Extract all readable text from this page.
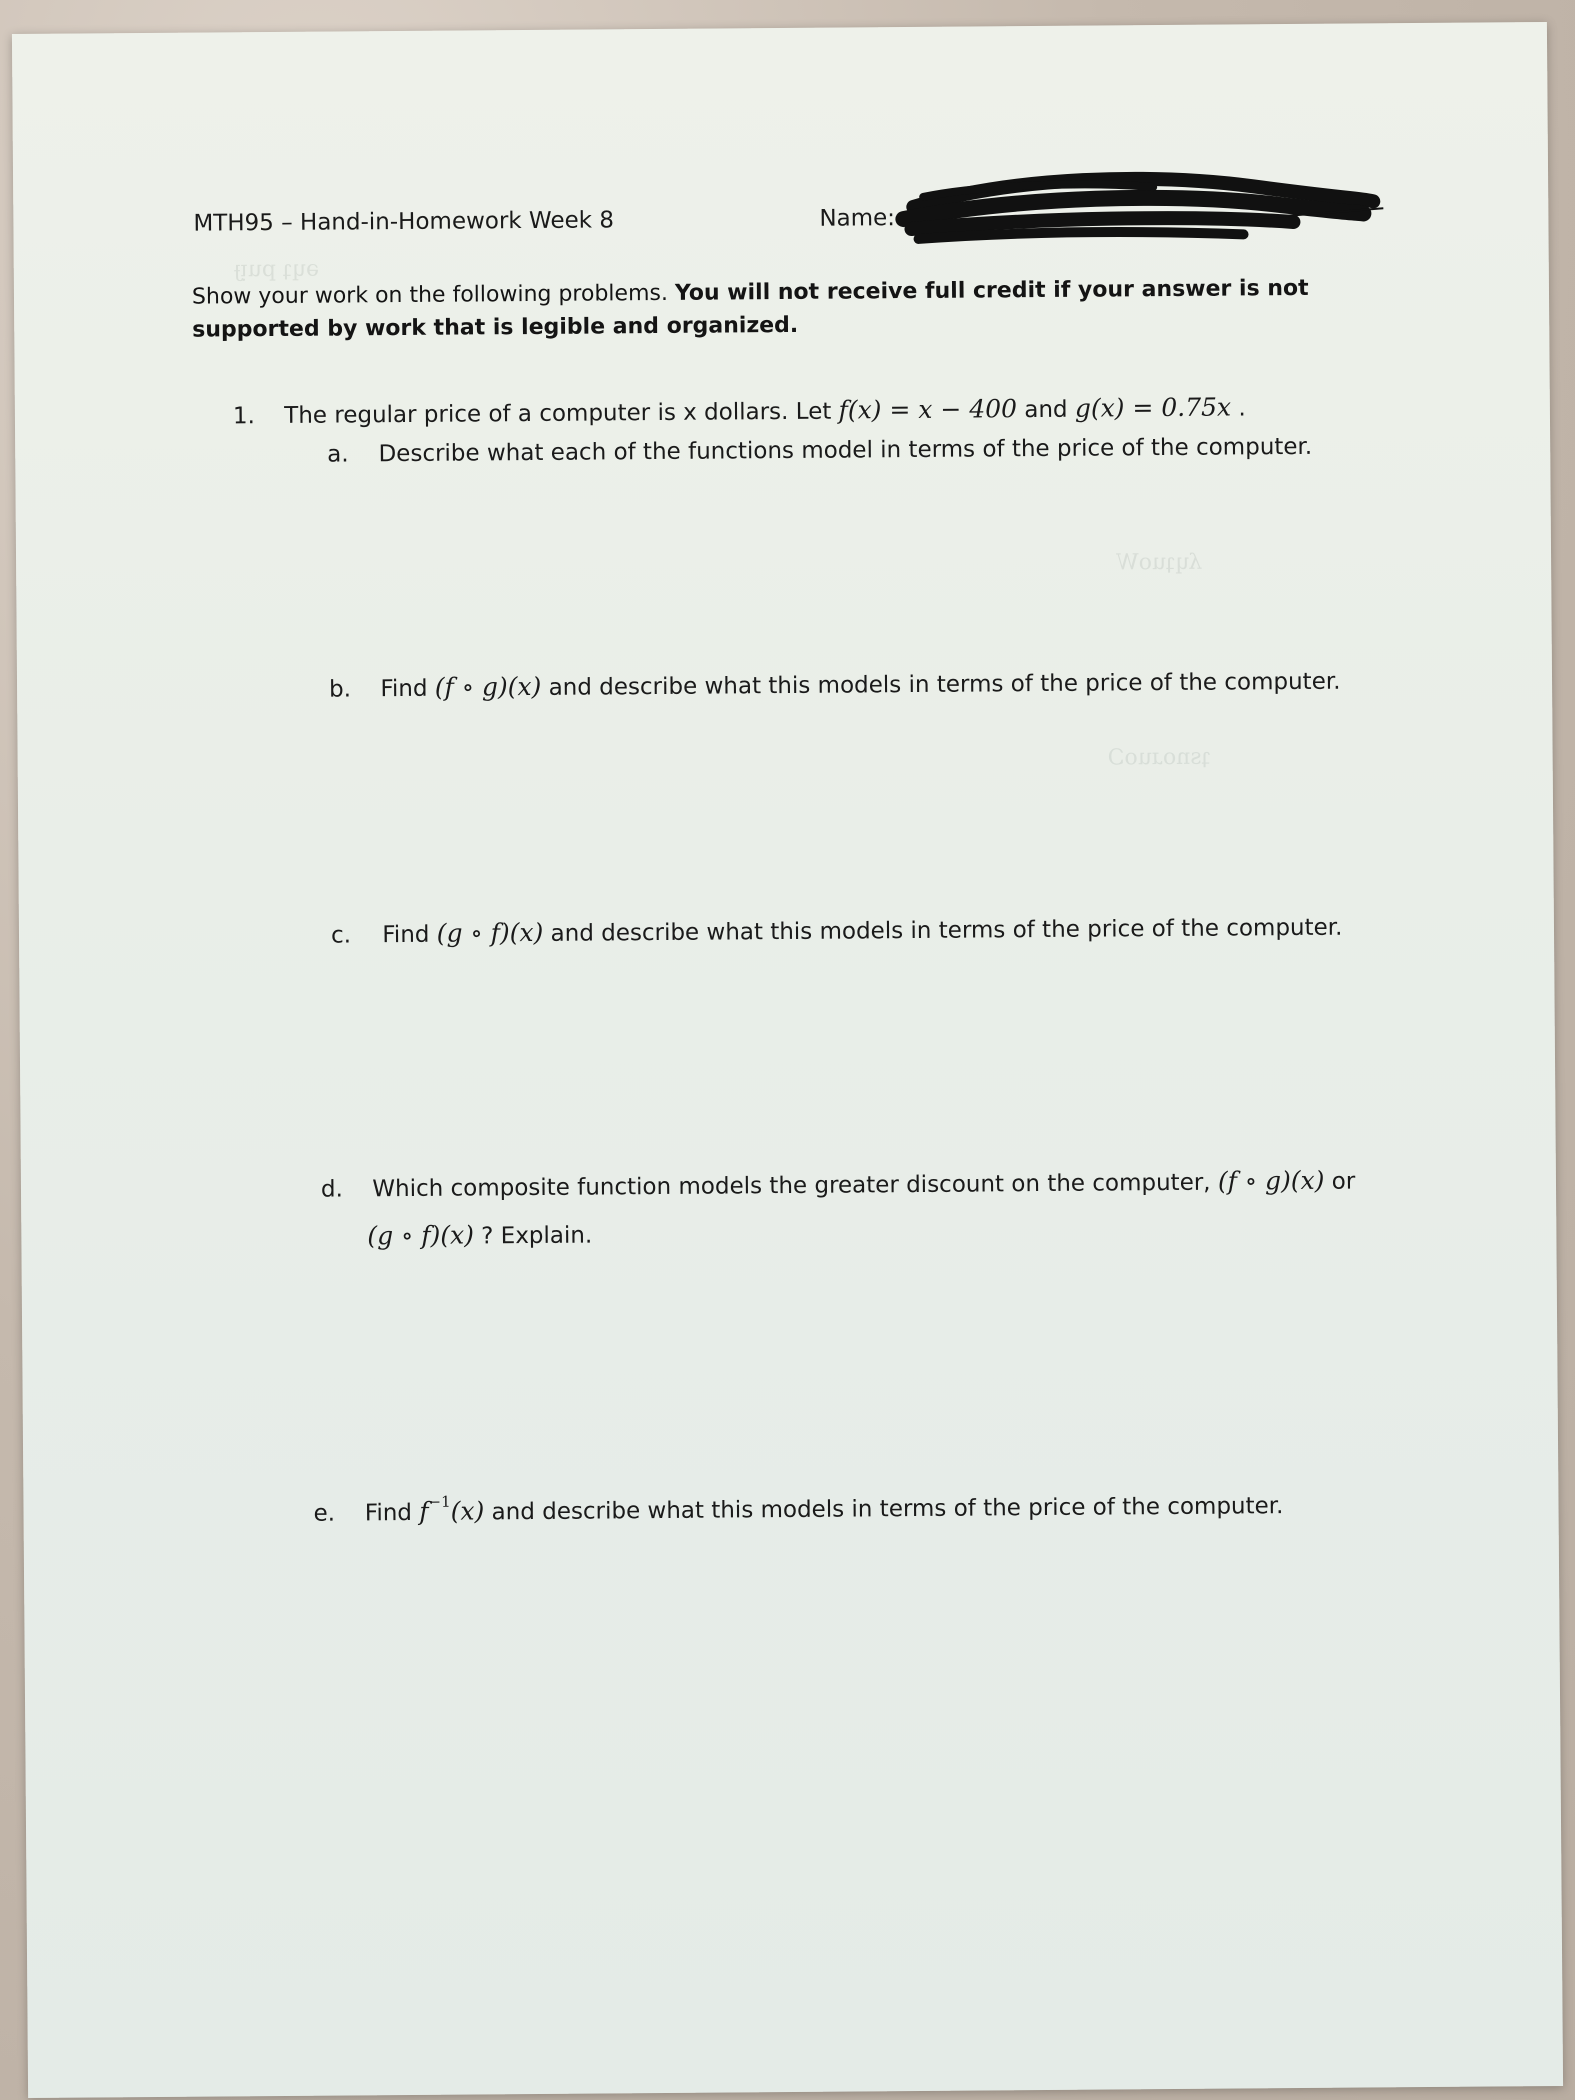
ǝɥʇ puᴉɟ
ʎɥʇuoW
ʇsnoɹuoƆ
MTH95 – Hand-in-Homework Week 8	Name:
Show your work on the following problems. You will not receive full credit if your answer is not supported by work that is legible and organized.
1. The regular price of a computer is x dollars. Let f(x) = x − 400 and g(x) = 0.75x .
a. Describe what each of the functions model in terms of the price of the computer.
b. Find (f ∘ g)(x) and describe what this models in terms of the price of the computer.
c. Find (g ∘ f)(x) and describe what this models in terms of the price of the computer.
d. Which composite function models the greater discount on the computer, (f ∘ g)(x) or
(g ∘ f)(x) ? Explain.
e. Find $f^{-1}(x)$ and describe what this models in terms of the price of the computer.
